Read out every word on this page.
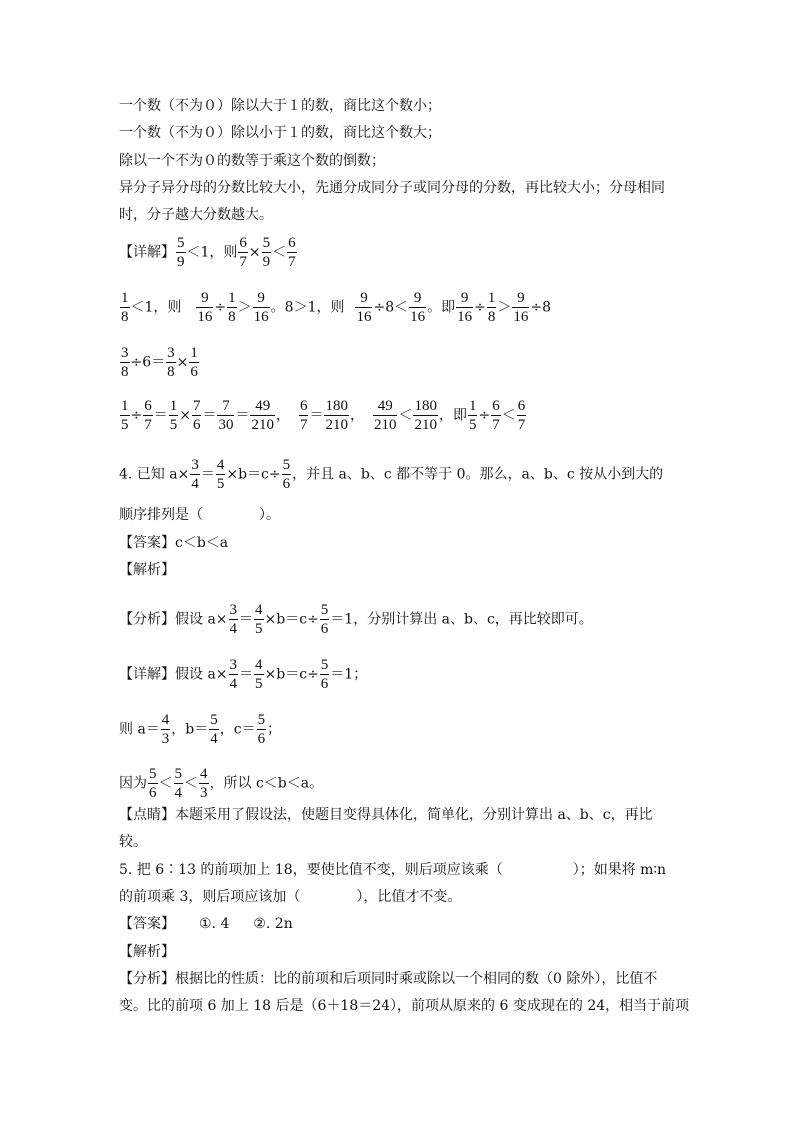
一个数（不为０）除以大于１的数，商比这个数小；
一个数（不为０）除以小于１的数，商比这个数大；
除以一个不为０的数等于乘这个数的倒数；
异分子异分母的分数比较大小，先通分成同分子或同分母的分数，再比较大小；分母相同
时，分子越大分数越大。
【详解】 $\frac{5}{9} <1$，则 $\frac{6}{7} \times \frac{5}{9} < \frac{6}{7}$
$\frac{1}{8} <1$，则 $\frac{9}{16} \div \frac{1}{8} > \frac{9}{16}$ 。8＞1，则 $\frac{9}{16} \div 8< \frac{9}{16}$ 。即 $\frac{9}{16} \div \frac{1}{8} > \frac{9}{16} \div 8$
$\frac{3}{8} \div 6= \frac{3}{8} \times \frac{1}{6}$
$\frac{1}{5} \div \frac{6}{7} = \frac{1}{5} \times \frac{7}{6} = \frac{7}{30} = \frac{49}{210}$ ， $\frac{6}{7} = \frac{180}{210}$ ， $\frac{49}{210} < \frac{180}{210}$ ，即 $\frac{1}{5} \div \frac{6}{7} < \frac{6}{7}$
4. 已知 $a\times \frac{3}{4} = \frac{4}{5} \times b=c\div \frac{5}{6}$ ，并且 a、b、c 都不等于 0。那么，a、b、c 按从小到大的
顺序排列是（　　　　）。
【答案】c＜b＜a
【解析】
【分析】假设 $a\times \frac{3}{4} = \frac{4}{5} \times b=c\div \frac{5}{6} =1$，分别计算出 a、b、c，再比较即可。
【详解】假设 $a\times \frac{3}{4} = \frac{4}{5} \times b=c\div \frac{5}{6} =1$；
则 $a= \frac{4}{3}$ ，$b= \frac{5}{4}$ ，$c= \frac{5}{6}$ ；
因为 $\frac{5}{6} < \frac{5}{4} < \frac{4}{3}$ ，所以 c＜b＜a。
【点睛】本题采用了假设法，使题目变得具体化，简单化，分别计算出 a、b、c，再比
较。
5. 把 6∶13 的前项加上 18，要使比值不变，则后项应该乘（　　　　　）；如果将 m∶n
的前项乘 3，则后项应该加（　　　　），比值才不变。
【答案】 ①. 4 ②. 2n
【解析】
【分析】根据比的性质：比的前项和后项同时乘或除以一个相同的数（0 除外），比值不
变。比的前项 6 加上 18 后是（6＋18＝24），前项从原来的 6 变成现在的 24，相当于前项
